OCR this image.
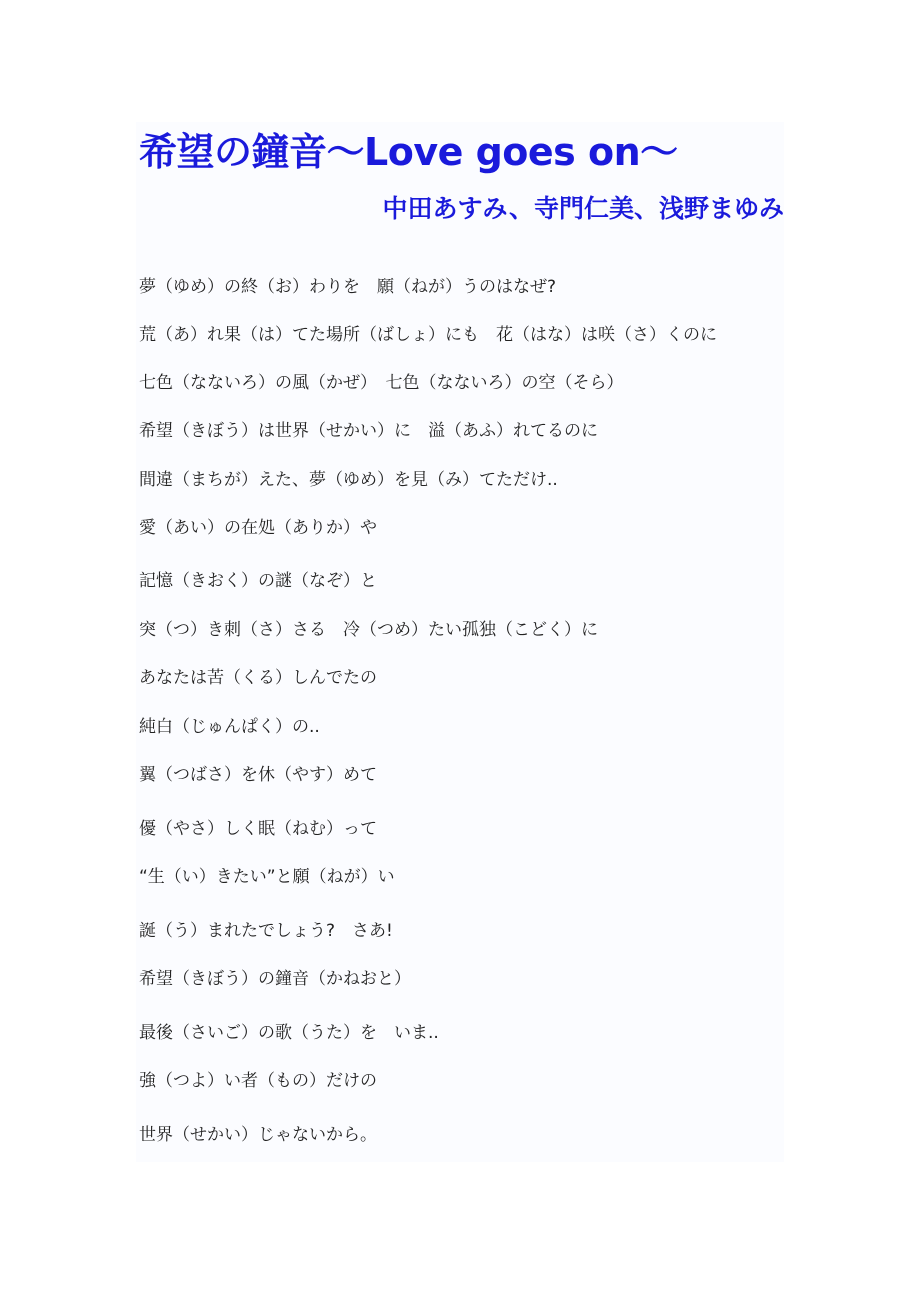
希望の鐘音～Love goes on～
中田あすみ、寺門仁美、浅野まゆみ
夢（ゆめ）の終（お）わりを　願（ねが）うのはなぜ?
荒（あ）れ果（は）てた場所（ばしょ）にも　花（はな）は咲（さ）くのに
七色（なないろ）の風（かぜ）　七色（なないろ）の空（そら）
希望（きぼう）は世界（せかい）に　溢（あふ）れてるのに
間違（まちが）えた、夢（ゆめ）を見（み）てただけ..
愛（あい）の在処（ありか）や
記憶（きおく）の謎（なぞ）と
突（つ）き刺（さ）さる　冷（つめ）たい孤独（こどく）に
あなたは苦（くる）しんでたの
純白（じゅんぱく）の..
翼（つばさ）を休（やす）めて
優（やさ）しく眠（ねむ）って
“生（い）きたい”と願（ねが）い
誕（う）まれたでしょう?　さあ!
希望（きぼう）の鐘音（かねおと）
最後（さいご）の歌（うた）を　いま..
強（つよ）い者（もの）だけの
世界（せかい）じゃないから。
